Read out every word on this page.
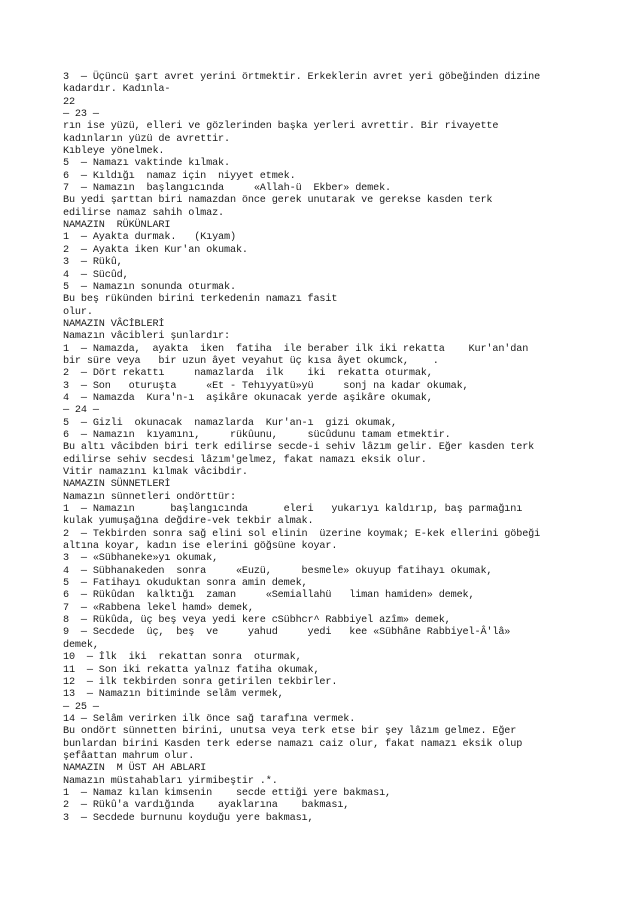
3  — Üçüncü şart avret yerini örtmektir. Erkeklerin avret yeri göbeğinden dizine
kadardır. Kadınla-
22
— 23 —
rın ise yüzü, elleri ve gözlerinden başka yerleri avrettir. Bir rivayette
kadınların yüzü de avrettir.
Kıbleye yönelmek.
5  — Namazı vaktinde kılmak.
6  — Kıldığı  namaz için  niyyet etmek.
7  — Namazın  başlangıcında     «Allah-ü  Ekber» demek.
Bu yedi şarttan biri namazdan önce gerek unutarak ve gerekse kasden terk
edilirse namaz sahih olmaz.
NAMAZIN  RÜKÜNLARI
1  — Ayakta durmak.   (Kıyam)
2  — Ayakta iken Kur'an okumak.
3  — Rükû,
4  — Sücûd,
5  — Namazın sonunda oturmak.
Bu beş rükünden birini terkedenin namazı fasit
olur.
NAMAZIN VÂCİBLERİ
Namazın vâcibleri şunlardır:
1  — Namazda,  ayakta  iken  fatiha  ile beraber ilk iki rekatta    Kur'an'dan
bir süre veya   bir uzun âyet veyahut üç kısa âyet okumck,    .
2  — Dört rekattı     namazlarda  ilk    iki  rekatta oturmak,
3  — Son   oturuşta     «Et - Tehıyyatü»yü     sonj na kadar okumak,
4  — Namazda  Kura'n-ı  aşikâre okunacak yerde aşikâre okumak,
— 24 —
5  — Gizli  okunacak  namazlarda  Kur'an-ı  gizi okumak,
6  — Namazın  kıyamını,     rükûunu,     sücûdunu tamam etmektir.
Bu altı vâcibden biri terk edilirse secde-i sehiv lâzım gelir. Eğer kasden terk
edilirse sehiv secdesi lâzım'gelmez, fakat namazı eksik olur.
Vitir namazını kılmak vâcibdir.
NAMAZIN SÜNNETLERİ
Namazın sünnetleri ondörttür:
1  — Namazın      başlangıcında      eleri   yukarıyı kaldırıp, baş parmağını
kulak yumuşağına değdire-vek tekbir almak.
2  — Tekbirden sonra sağ elini sol elinin  üzerine koymak; E-kek ellerini göbeği
altına koyar, kadın ise elerini göğsüne koyar.
3  — «Sübhaneke»yı okumak,
4  — Sübhanakeden  sonra     «Euzü,     besmele» okuyup fatihayı okumak,
5  — Fatihayı okuduktan sonra amin demek,
6  — Rükûdan  kalktığı  zaman     «Semiallahü   liman hamiden» demek,
7  — «Rabbena lekel hamd» demek,
8  — Rükûda, üç beş veya yedi kere cSübhcr^ Rabbiyel azîm» demek,
9  — Secdede  üç,  beş  ve     yahud     yedi   kee «Sübhâne Rabbiyel-Â'lâ»
demek,
10  — İlk  iki  rekattan sonra  oturmak,
11  — Son iki rekatta yalnız fatiha okumak,
12  — ilk tekbirden sonra getirilen tekbirler.
13  — Namazın bitiminde selâm vermek,
— 25 —
14 — Selâm verirken ilk önce sağ tarafına vermek.
Bu ondört sünnetten birini, unutsa veya terk etse bir şey lâzım gelmez. Eğer
bunlardan birini Kasden terk ederse namazı caiz olur, fakat namazı eksik olup
şefâattan mahrum olur.
NAMAZIN  M ÜST AH ABLARI
Namazın müstahabları yirmibeştir .*.
1  — Namaz kılan kimsenin    secde ettiği yere bakması,
2  — Rükû'a vardığında    ayaklarına    bakması,
3  — Secdede burnunu koyduğu yere bakması,
